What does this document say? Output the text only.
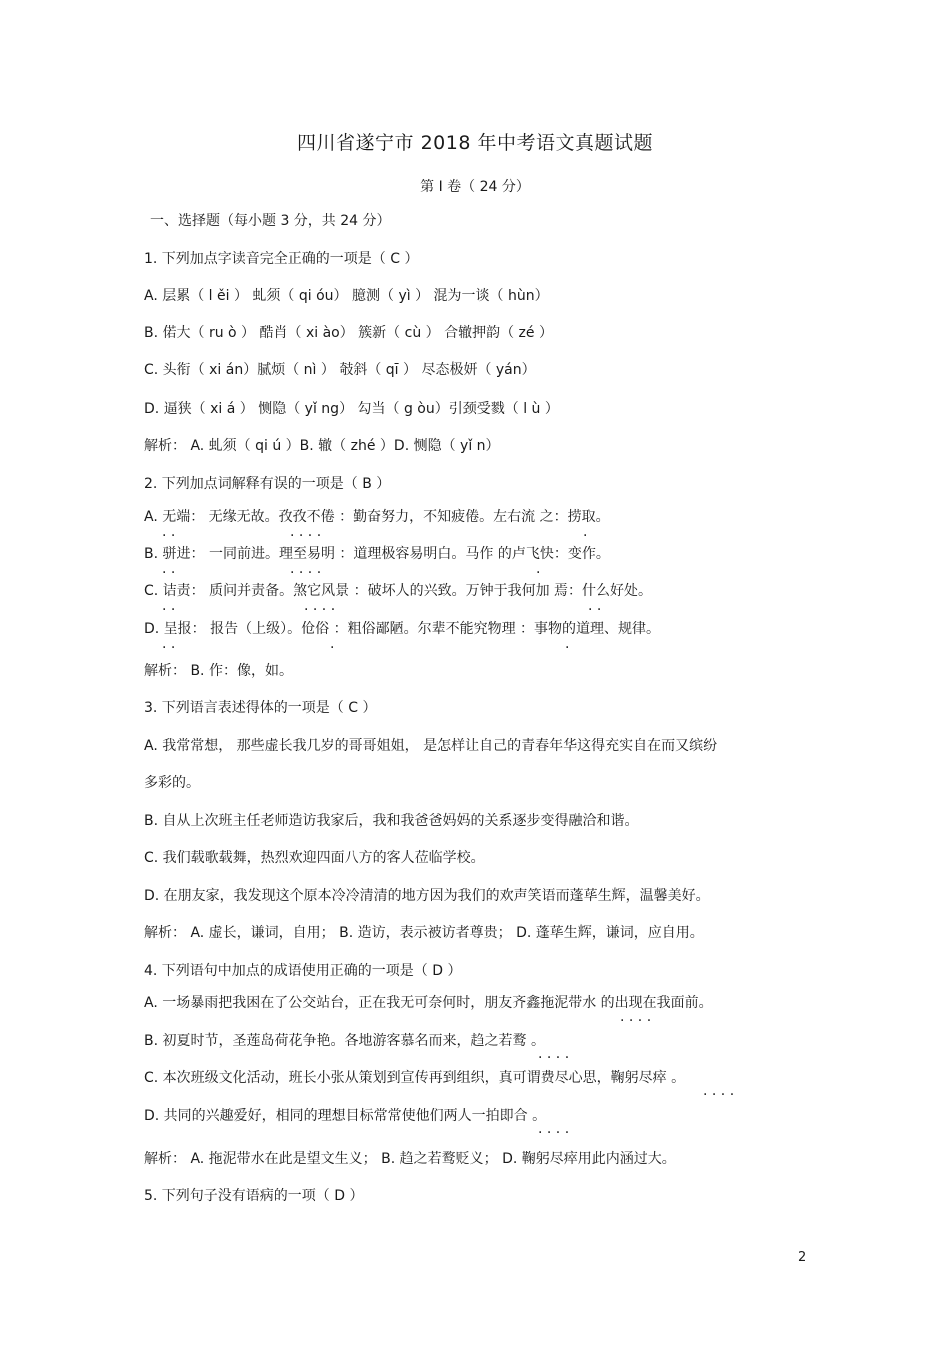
四川省遂宁市 2018 年中考语文真题试题
第 I 卷（ 24 分）
一、选择题（每小题 3 分，共 24 分）
1. 下列加点字读音完全正确的一项是（ C ）
A. 层累（ l ěi ） 虬须（ qi óu） 臆测（ yì ） 混为一谈（ hùn）
B. 偌大（ ru ò ） 酷肖（ xi ào） 簇新（ cù ） 合辙押韵（ zé ）
C. 头衔（ xi án）腻烦（ nì ） 攲斜（ qī ） 尽态极妍（ yán）
D. 逼狭（ xi á ） 恻隐（ yǐ ng） 勾当（ g òu）引颈受戮（ l ù ）
解析： A. 虬须（ qi ú ）B. 辙（ zhé ）D. 恻隐（ yǐ n）
2. 下列加点词解释有误的一项是（ B ）
A. 无端： 无缘无故。孜孜不倦 ：勤奋努力，不知疲倦。左右流 之：捞取。
. .	. . . .	.
B. 骈进： 一同前进。理至易明 ：道理极容易明白。马作 的卢飞快：变作。
. .	. . . .	.
C. 诘责： 质问并责备。煞它风景 ：破坏人的兴致。万钟于我何加 焉：什么好处。
. .	. . . .	. .
D. 呈报： 报告（上级）。伧俗 ：粗俗鄙陋。尔辈不能究物理 ：事物的道理、规律。
. .	.	.
解析： B. 作：像，如。
3. 下列语言表述得体的一项是（ C ）
A. 我常常想， 那些虚长我几岁的哥哥姐姐， 是怎样让自己的青春年华这得充实自在而又缤纷
多彩的。
B. 自从上次班主任老师造访我家后，我和我爸爸妈妈的关系逐步变得融洽和谐。
C. 我们载歌载舞，热烈欢迎四面八方的客人莅临学校。
D. 在朋友家，我发现这个原本冷冷清清的地方因为我们的欢声笑语而蓬荜生辉，温馨美好。
解析： A. 虚长，谦词，自用； B. 造访，表示被访者尊贵； D. 蓬荜生辉，谦词，应自用。
4. 下列语句中加点的成语使用正确的一项是（ D ）
A. 一场暴雨把我困在了公交站台，正在我无可奈何时，朋友齐鑫拖泥带水 的出现在我面前。
. . . .
B. 初夏时节，圣莲岛荷花争艳。各地游客慕名而来，趋之若鹜 。
. . . .
C. 本次班级文化活动，班长小张从策划到宣传再到组织，真可谓费尽心思，鞠躬尽瘁 。
. . . .
D. 共同的兴趣爱好，相同的理想目标常常使他们两人一拍即合 。
. . . .
解析： A. 拖泥带水在此是望文生义； B. 趋之若鹜贬义； D. 鞠躬尽瘁用此内涵过大。
5. 下列句子没有语病的一项（ D ）
2
